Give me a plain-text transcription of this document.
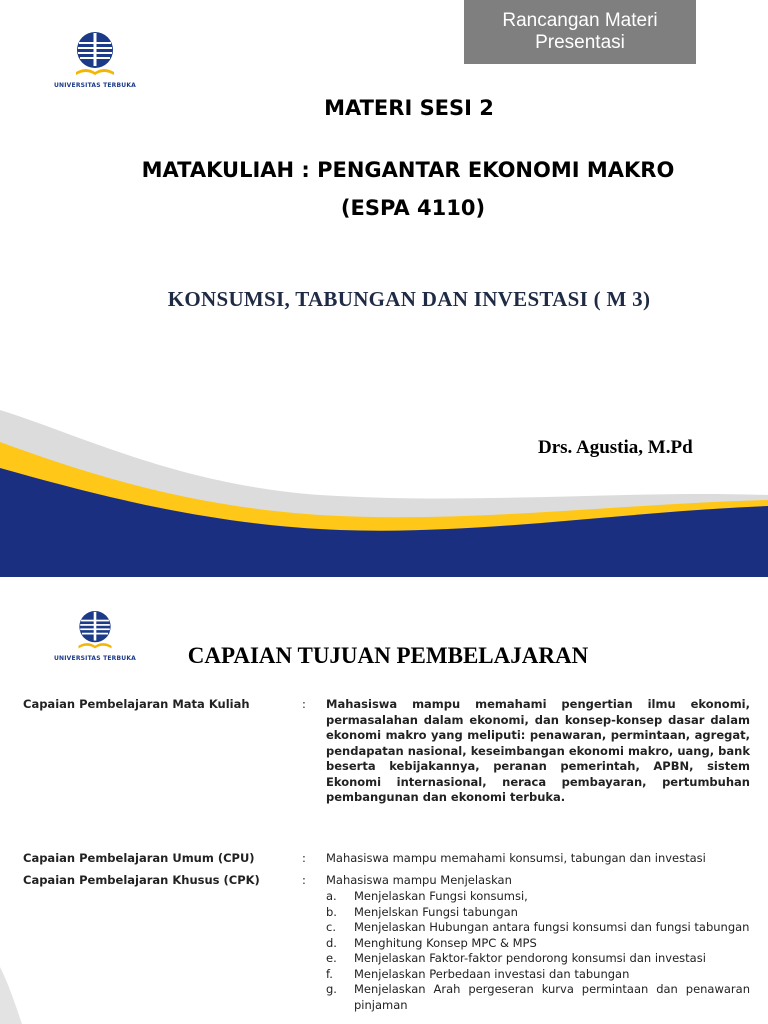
UNIVERSITAS TERBUKA
Rancangan Materi
Presentasi
MATERI SESI 2
MATAKULIAH : PENGANTAR EKONOMI MAKRO
(ESPA 4110)
KONSUMSI, TABUNGAN DAN INVESTASI ( M 3)
Drs. Agustia, M.Pd
UNIVERSITAS TERBUKA	CAPAIAN TUJUAN PEMBELAJARAN
Capaian Pembelajaran Mata Kuliah	: Mahasiswa mampu memahami pengertian ilmu ekonomi, permasalahan dalam ekonomi, dan konsep-konsep dasar dalam ekonomi makro yang meliputi: penawaran, permintaan, agregat, pendapatan nasional, keseimbangan ekonomi makro, uang, bank beserta kebijakannya, peranan pemerintah, APBN, sistem Ekonomi internasional, neraca pembayaran, pertumbuhan pembangunan dan ekonomi terbuka.
Capaian Pembelajaran Umum (CPU)	: Mahasiswa mampu memahami konsumsi, tabungan dan investasi
Capaian Pembelajaran Khusus (CPK)	: Mahasiswa mampu Menjelaskan
a. Menjelaskan Fungsi konsumsi,
b. Menjelskan Fungsi tabungan
c. Menjelaskan Hubungan antara fungsi konsumsi dan fungsi tabungan
d. Menghitung Konsep MPC & MPS
e. Menjelaskan Faktor-faktor pendorong konsumsi dan investasi
f. Menjelaskan Perbedaan investasi dan tabungan
g. Menjelaskan Arah pergeseran kurva permintaan dan penawaran pinjaman
